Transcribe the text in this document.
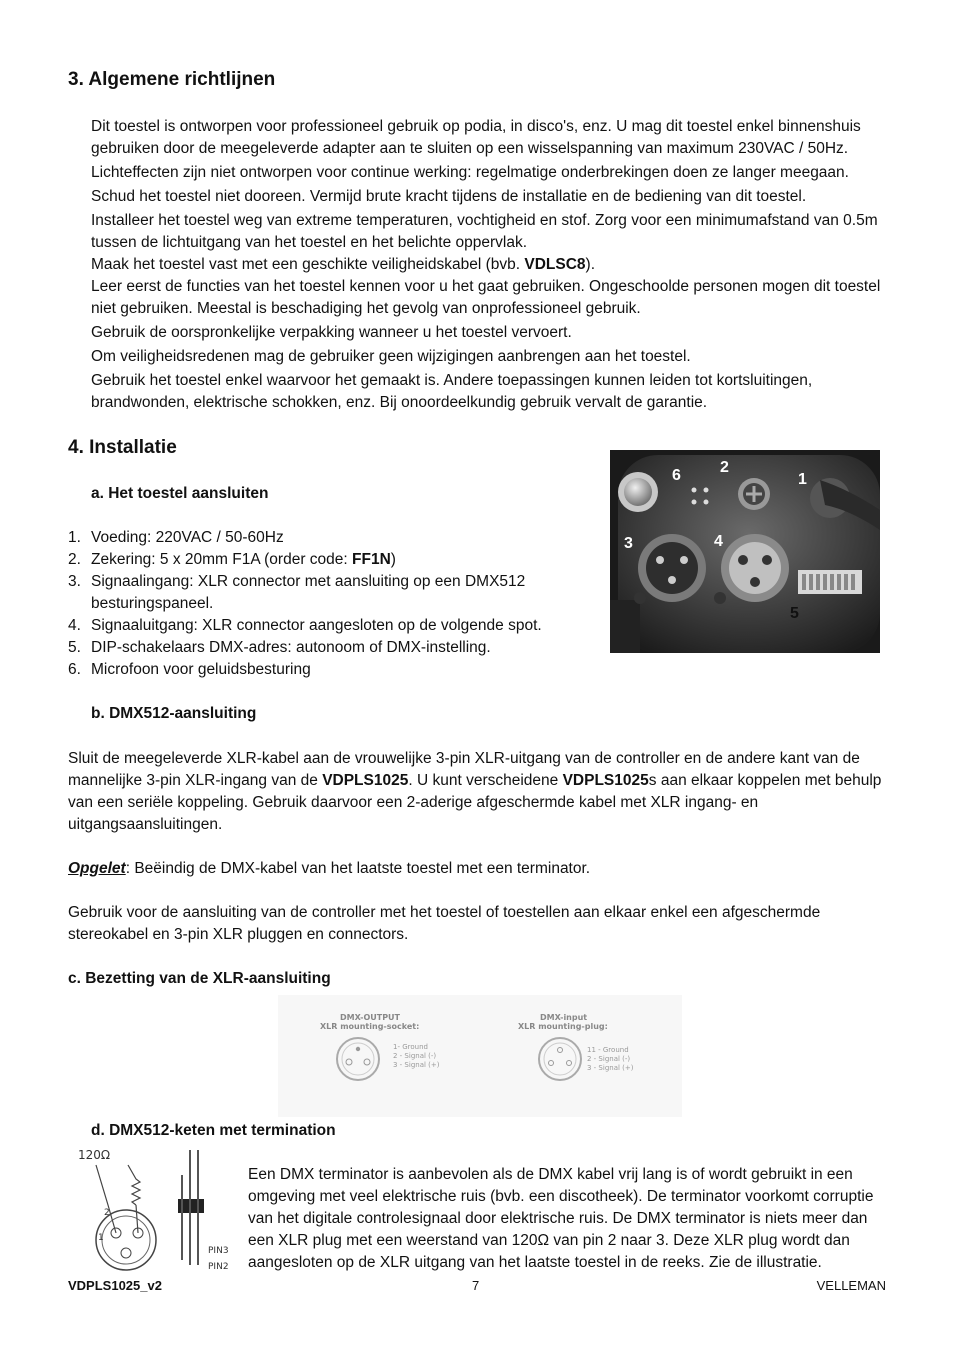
3. Algemene richtlijnen

Dit toestel is ontworpen voor professioneel gebruik op podia, in disco's, enz. U mag dit toestel enkel binnenshuis gebruiken door de meegeleverde adapter aan te sluiten op een wisselspanning van maximum 230VAC / 50Hz.

Lichteffecten zijn niet ontworpen voor continue werking: regelmatige onderbrekingen doen ze langer meegaan.

Schud het toestel niet dooreen. Vermijd brute kracht tijdens de installatie en de bediening van dit toestel.

Installeer het toestel weg van extreme temperaturen, vochtigheid en stof. Zorg voor een minimumafstand van 0.5m tussen de lichtuitgang van het toestel en het belichte oppervlak.

Maak het toestel vast met een geschikte veiligheidskabel (bvb. VDLSC8).

Leer eerst de functies van het toestel kennen voor u het gaat gebruiken. Ongeschoolde personen mogen dit toestel niet gebruiken. Meestal is beschadiging het gevolg van onprofessioneel gebruik.

Gebruik de oorspronkelijke verpakking wanneer u het toestel vervoert.

Om veiligheidsredenen mag de gebruiker geen wijzigingen aanbrengen aan het toestel.

Gebruik het toestel enkel waarvoor het gemaakt is. Andere toepassingen kunnen leiden tot kortsluitingen, brandwonden, elektrische schokken, enz. Bij onoordeelkundig gebruik vervalt de garantie.

4. Installatie
a. Het toestel aansluiten
1. Voeding: 220VAC / 50-60Hz
2. Zekering: 5 x 20mm F1A (order code: FF1N)
3. Signaalingang: XLR connector met aansluiting op een DMX512 besturingspaneel.
4. Signaaluitgang: XLR connector aangesloten op de volgende spot.
5. DIP-schakelaars DMX-adres: autonoom of DMX-instelling.
6. Microfoon voor geluidsbesturing
6 2
1
3	4
5
b. DMX512-aansluiting

Sluit de meegeleverde XLR-kabel aan de vrouwelijke 3-pin XLR-uitgang van de controller en de andere kant van de mannelijke 3-pin XLR-ingang van de VDPLS1025. U kunt verscheidene VDPLS1025s aan elkaar koppelen met behulp van een seriële koppeling. Gebruik daarvoor een 2-aderige afgeschermde kabel met XLR ingang- en uitgangsaansluitingen.

Opgelet: Beëindig de DMX-kabel van het laatste toestel met een terminator.

Gebruik voor de aansluiting van de controller met het toestel of toestellen aan elkaar enkel een afgeschermde stereokabel en 3-pin XLR pluggen en connectors.

c. Bezetting van de XLR-aansluiting
DMX-OUTPUT
XLR mounting-socket:
DMX-input
XLR mounting-plug:
1- Ground
2 - Signal (-)
3 - Signal (+)
11 - Ground
2 - Signal (-)
3 - Signal (+)
d. DMX512-keten met termination
120Ω
2
1
PIN3
PIN2

Een DMX terminator is aanbevolen als de DMX kabel vrij lang is of wordt gebruikt in een omgeving met veel elektrische ruis (bvb. een discotheek). De terminator voorkomt corruptie van het digitale controlesignaal door elektrische ruis. De DMX terminator is niets meer dan een XLR plug met een weerstand van 120Ω van pin 2 naar 3. Deze XLR plug wordt dan aangesloten op de XLR uitgang van het laatste toestel in de reeks. Zie de illustratie.

VDPLS1025_v2	7	VELLEMAN
